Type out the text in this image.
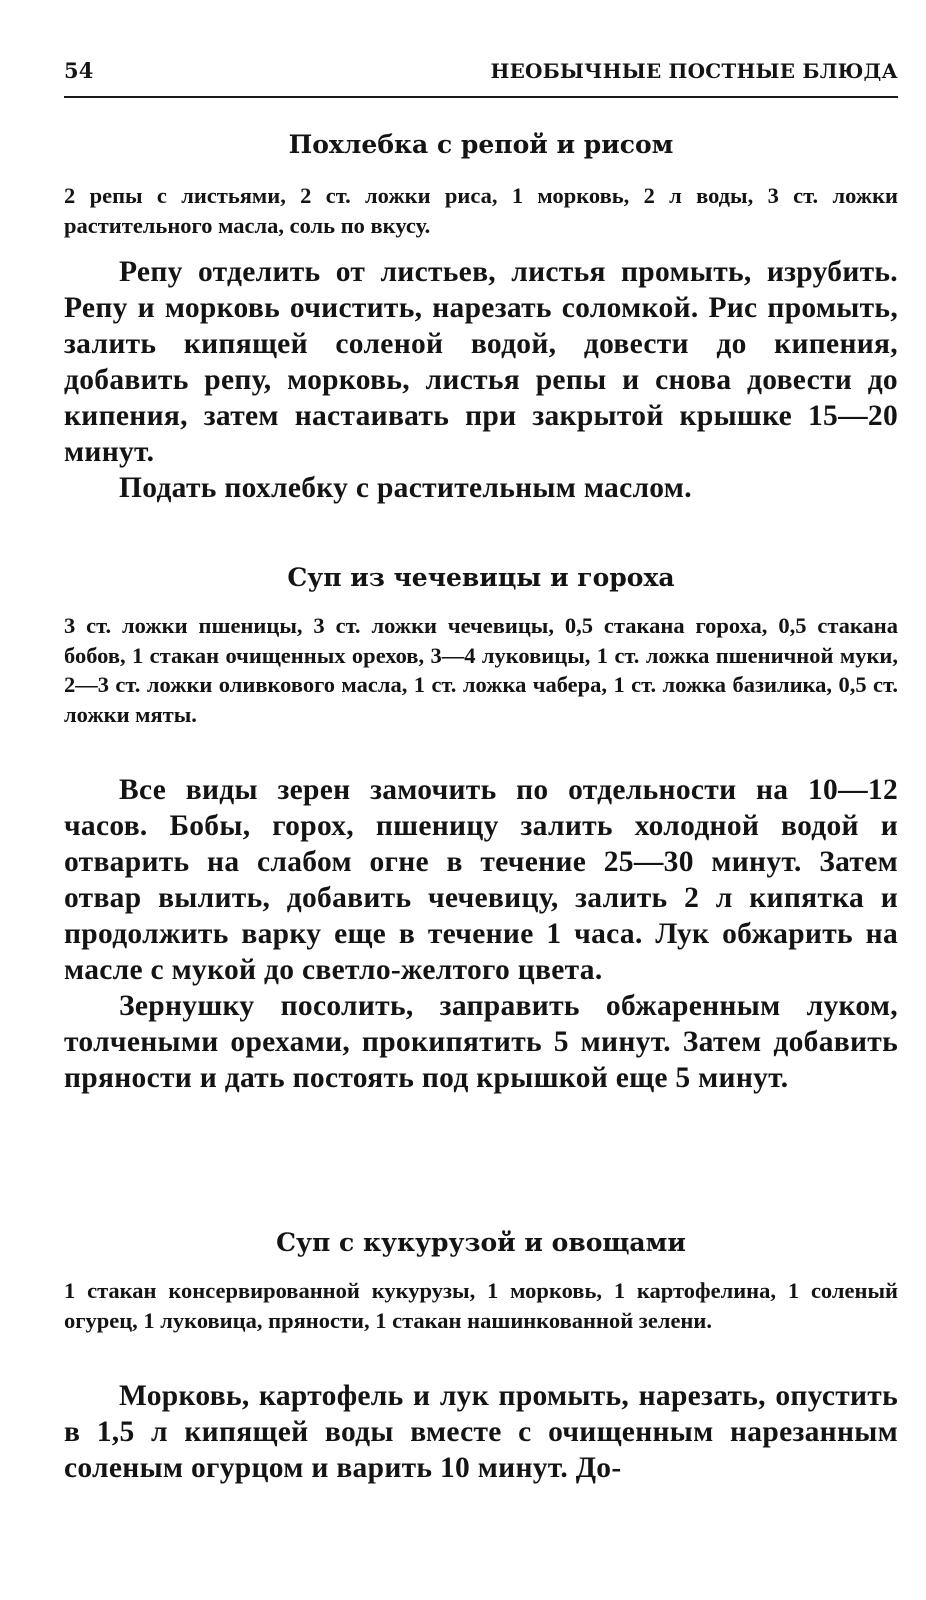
54	НЕОБЫЧНЫЕ ПОСТНЫЕ БЛЮДА
Похлебка с репой и рисом

2 репы с листьями, 2 ст. ложки риса, 1 морковь, 2 л воды, 3 ст. ложки растительного масла, соль по вкусу.

Репу отделить от листьев, листья промыть, изрубить. Репу и морковь очистить, нарезать соломкой. Рис промыть, залить кипящей соленой водой, довести до кипения, добавить репу, морковь, листья репы и снова довести до кипения, затем настаивать при закрытой крышке 15—20 минут.

Подать похлебку с растительным маслом.

Суп из чечевицы и гороха

3 ст. ложки пшеницы, 3 ст. ложки чечевицы, 0,5 стакана гороха, 0,5 стакана бобов, 1 стакан очищенных орехов, 3—4 луковицы, 1 ст. ложка пшеничной муки, 2—3 ст. ложки оливкового масла, 1 ст. ложка чабера, 1 ст. ложка базилика, 0,5 ст. ложки мяты.

Все виды зерен замочить по отдельности на 10—12 часов. Бобы, горох, пшеницу залить холодной водой и отварить на слабом огне в течение 25—30 минут. Затем отвар вылить, добавить чечевицу, залить 2 л кипятка и продолжить варку еще в течение 1 часа. Лук обжарить на масле с мукой до светло-желтого цвета.

Зернушку посолить, заправить обжаренным луком, толчеными орехами, прокипятить 5 минут. Затем добавить пряности и дать постоять под крышкой еще 5 минут.

Суп с кукурузой и овощами

1 стакан консервированной кукурузы, 1 морковь, 1 картофелина, 1 соленый огурец, 1 луковица, пряности, 1 стакан нашинкованной зелени.

Морковь, картофель и лук промыть, нарезать, опустить в 1,5 л кипящей воды вместе с очищенным нарезанным соленым огурцом и варить 10 минут. До-
